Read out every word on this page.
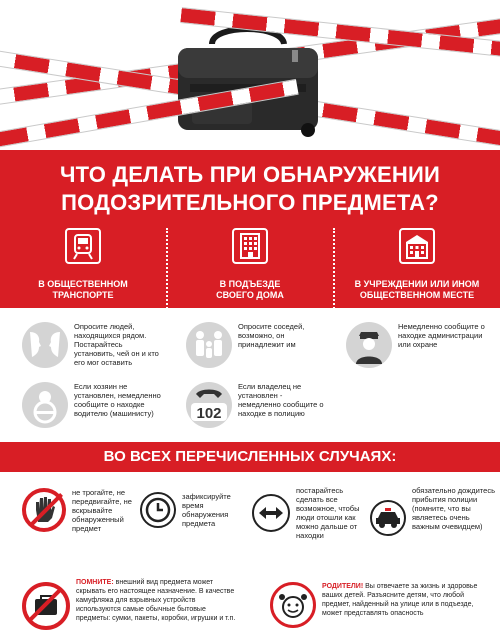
ЧТО ДЕЛАТЬ ПРИ ОБНАРУЖЕНИИ
ПОДОЗРИТЕЛЬНОГО ПРЕДМЕТА?
В ОБЩЕСТВЕННОМ
ТРАНСПОРТЕ
В ПОДЪЕЗДЕ
СВОЕГО ДОМА
В УЧРЕЖДЕНИИ ИЛИ ИНОМ
ОБЩЕСТВЕННОМ МЕСТЕ
Опросите людей, находящихся рядом. Постарайтесь установить, чей он и кто его мог оставить
Если хозяин не установлен, немедленно сообщите о находке водителю (машинисту)
Опросите соседей, возможно, он принадлежит им
102
Если владелец не установлен - немедленно сообщите о находке в полицию
Немедленно сообщите о находке администрации или охране
ВО ВСЕХ ПЕРЕЧИСЛЕННЫХ СЛУЧАЯХ:
не трогайте, не передвигайте, не вскрывайте обнаруженный предмет
зафиксируйте время обнаружения предмета
постарайтесь сделать все возможное, чтобы люди отошли как можно дальше от находки
обязательно дождитесь прибытия полиции (помните, что вы являетесь очень важным очевидцем)
ПОМНИТЕ: внешний вид предмета может скрывать его настоящее назначение. В качестве камуфляжа для взрывных устройств используются самые обычные бытовые предметы: сумки, пакеты, коробки, игрушки и т.п.
РОДИТЕЛИ! Вы отвечаете за жизнь и здоровье ваших детей. Разъясните детям, что любой предмет, найденный на улице или в подъезде, может представлять опасность
